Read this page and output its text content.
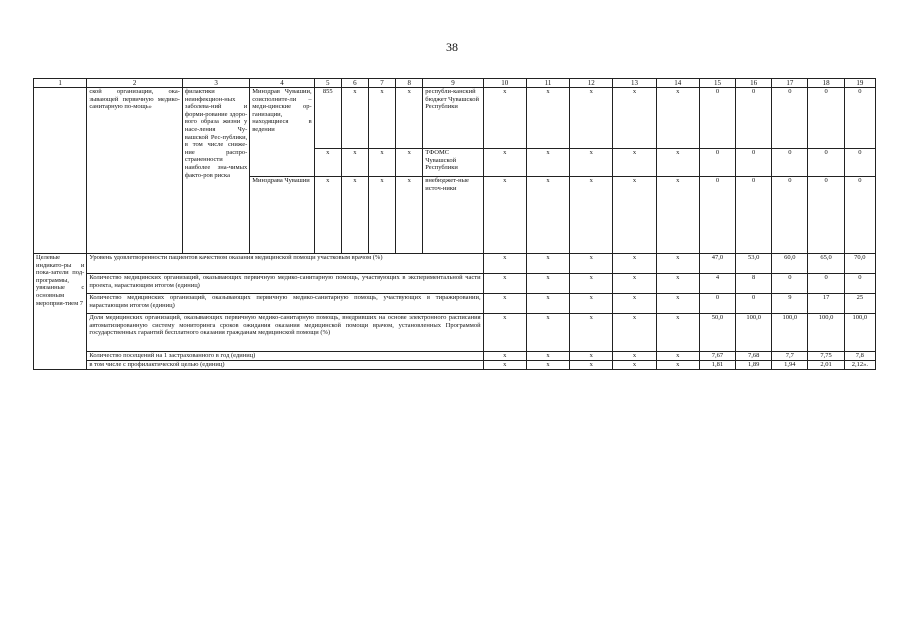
38
1	2	3	4	5	6	7	8	9	10	11	12	13	14	15	16	17	18	19
	ской организации, ока-зывающей первичную медико-санитарную по-мощь»	филактики неинфекцион-ных заболева-ний и форми-рование здоро-вого образа жизни у насе-ления Чу-вашской Рес-публики, в том числе сниже-ние распро-страненности наиболее зна-чимых факто-ров риска	Минздрав Чувашии, соисполните-ли – меди-цинские ор-ганизации, находящиеся в ведении	855	x	x	x	республи-канский бюджет Чувашской Республики	x	x	x	x	x	0	0	0	0	0
				x	x	x	x	ТФОМС Чувашской Республики	x	x	x	x	x	0	0	0	0	0
			Минздрава Чувашии	x	x	x	x	внебюджет-ные источ-ники	x	x	x	x	x	0	0	0	0	0
Целевые индикато-ры и пока-затели под-программы, увязанные с основным мероприя-тием 7	Уровень удовлетворенности пациентов качеством оказания медицинской помощи участковым врачом (%)								x	x	x	x	x	47,0	53,0	60,0	65,0	70,0
	Количество медицинских организаций, оказывающих первичную медико-санитарную помощь, участвующих в экспериментальной части проекта, нарастающим итогом (единиц)								x	x	x	x	x	4	8	0	0	0
	Количество медицинских организаций, оказывающих первичную медико-санитарную помощь, участвующих в тиражировании, нарастающим итогом (единиц)								x	x	x	x	x	0	0	9	17	25
	Доля медицинских организаций, оказывающих первичную медико-санитарную помощь, внедривших на основе электронного расписания автоматизированную систему мониторинга сроков ожидания оказания медицинской помощи врачом, установленных Программой государственных гарантий бесплатного оказания гражданам медицинской помощи (%)								x	x	x	x	x	50,0	100,0	100,0	100,0	100,0
	Количество посещений на 1 застрахованного в год (единиц)								x	x	x	x	x	7,67	7,68	7,7	7,75	7,8
	в том числе с профилактической целью (единиц)								x	x	x	x	x	1,81	1,89	1,94	2,01	2,12».
